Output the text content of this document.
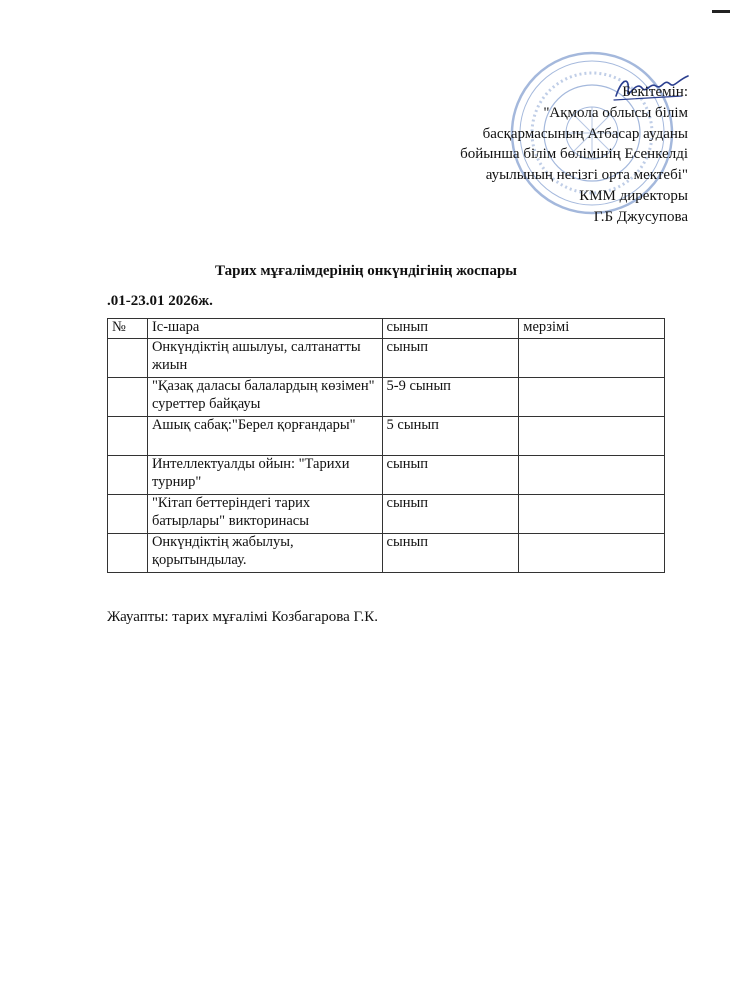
Бекітемін:
"Ақмола облысы білім
басқармасының Атбасар ауданы
бойынша білім бөлімінің Есенкелді
ауылының негізгі орта мектебі"
КММ директоры
Г.Б Джусупова
Тарих мұғалімдерінің онкүндігінің жоспары
.01-23.01 2026ж.
№	Іс-шара	сынып	мерзімі
	Онкүндіктің ашылуы, салтанатты жиын	сынып	
	"Қазақ даласы балалардың көзімен" суреттер байқауы	5-9 сынып	
	Ашық сабақ:"Берел қорғандары"	5 сынып	
	Интеллектуалды ойын: "Тарихи турнир"	сынып	
	"Кітап беттеріндегі тарих батырлары" викторинасы	сынып	
	Онкүндіктің жабылуы, қорытындылау.	сынып	
Жауапты: тарих мұғалімі Козбагарова Г.К.
